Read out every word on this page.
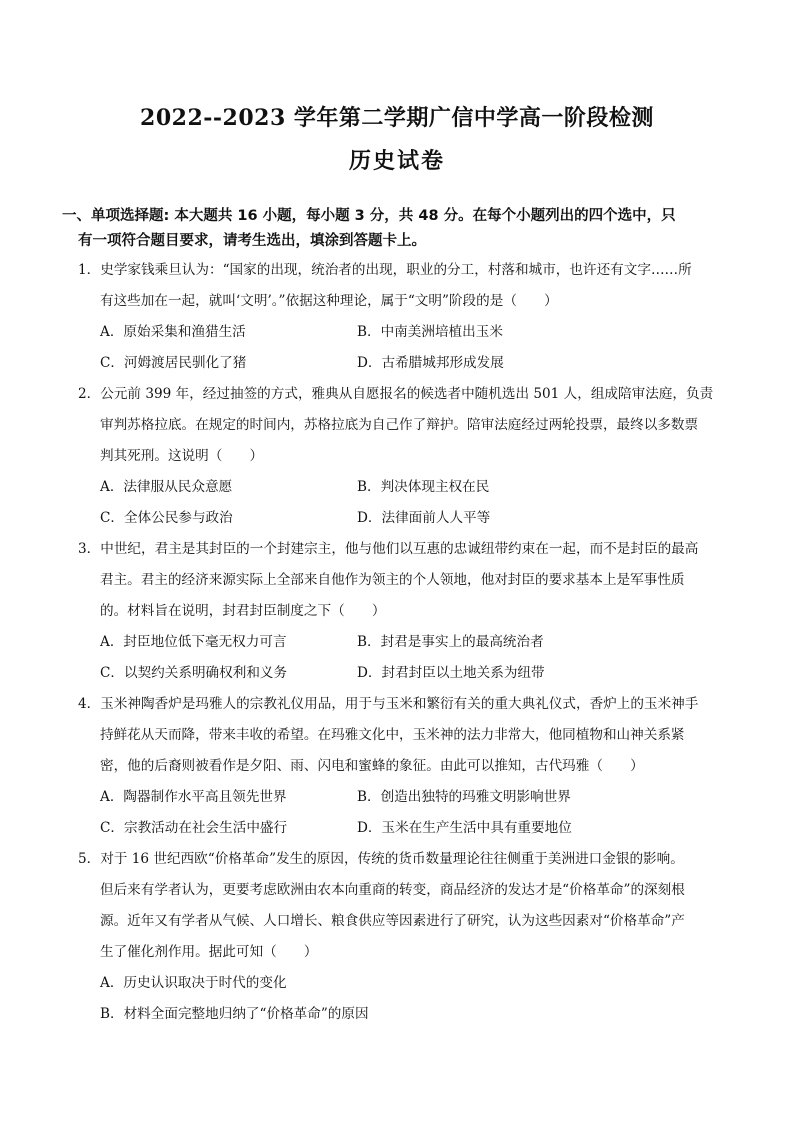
2022--2023 学年第二学期广信中学高一阶段检测
历史试卷
一、单项选择题: 本大题共 16 小题，每小题 3 分，共 48 分。在每个小题列出的四个选中，只
有一项符合题目要求，请考生选出，填涂到答题卡上。
1．史学家钱乘旦认为：“国家的出现，统治者的出现，职业的分工，村落和城市，也许还有文字……所
有这些加在一起，就叫‘文明’。”依据这种理论，属于“文明”阶段的是（　　）
A．原始采集和渔猎生活	B．中南美洲培植出玉米
C．河姆渡居民驯化了猪	D．古希腊城邦形成发展
2．公元前 399 年，经过抽签的方式，雅典从自愿报名的候选者中随机选出 501 人，组成陪审法庭，负责
审判苏格拉底。在规定的时间内，苏格拉底为自己作了辩护。陪审法庭经过两轮投票，最终以多数票
判其死刑。这说明（　　）
A．法律服从民众意愿	B．判决体现主权在民
C．全体公民参与政治	D．法律面前人人平等
3．中世纪，君主是其封臣的一个封建宗主，他与他们以互惠的忠诚纽带约束在一起，而不是封臣的最高
君主。君主的经济来源实际上全部来自他作为领主的个人领地，他对封臣的要求基本上是军事性质
的。材料旨在说明，封君封臣制度之下（　　）
A．封臣地位低下毫无权力可言	B．封君是事实上的最高统治者
C．以契约关系明确权利和义务	D．封君封臣以土地关系为纽带
4．玉米神陶香炉是玛雅人的宗教礼仪用品，用于与玉米和繁衍有关的重大典礼仪式，香炉上的玉米神手
持鲜花从天而降，带来丰收的希望。在玛雅文化中，玉米神的法力非常大，他同植物和山神关系紧
密，他的后裔则被看作是夕阳、雨、闪电和蜜蜂的象征。由此可以推知，古代玛雅（　　）
A．陶器制作水平高且领先世界	B．创造出独特的玛雅文明影响世界
C．宗教活动在社会生活中盛行	D．玉米在生产生活中具有重要地位
5．对于 16 世纪西欧“价格革命”发生的原因，传统的货币数量理论往往侧重于美洲进口金银的影响。
但后来有学者认为，更要考虑欧洲由农本向重商的转变，商品经济的发达才是“价格革命”的深刻根
源。近年又有学者从气候、人口增长、粮食供应等因素进行了研究，认为这些因素对“价格革命”产
生了催化剂作用。据此可知（　　）
A．历史认识取决于时代的变化
B．材料全面完整地归纳了“价格革命”的原因
